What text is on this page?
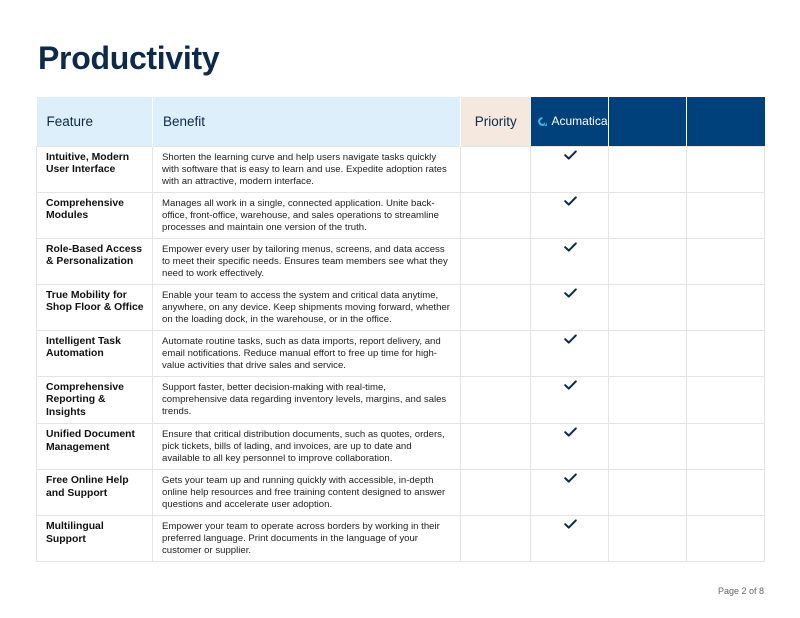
Productivity
Feature	Benefit	Priority	Acumatica		

Intuitive, Modern User Interface	Shorten the learning curve and help users navigate tasks quickly with software that is easy to learn and use. Expedite adoption rates with an attractive, modern interface.				
Comprehensive Modules	Manages all work in a single, connected application. Unite back-office, front-office, warehouse, and sales operations to streamline processes and maintain one version of the truth.				
Role-Based Access & Personalization	Empower every user by tailoring menus, screens, and data access to meet their specific needs. Ensures team members see what they need to work effectively.				
True Mobility for Shop Floor & Office	Enable your team to access the system and critical data anytime, anywhere, on any device. Keep shipments moving forward, whether on the loading dock, in the warehouse, or in the office.				
Intelligent Task Automation	Automate routine tasks, such as data imports, report delivery, and email notifications. Reduce manual effort to free up time for high-value activities that drive sales and service.				
Comprehensive Reporting & Insights	Support faster, better decision-making with real-time, comprehensive data regarding inventory levels, margins, and sales trends.				
Unified Document Management	Ensure that critical distribution documents, such as quotes, orders, pick tickets, bills of lading, and invoices, are up to date and available to all key personnel to improve collaboration.				
Free Online Help and Support	Gets your team up and running quickly with accessible, in-depth online help resources and free training content designed to answer questions and accelerate user adoption.				
Multilingual Support	Empower your team to operate across borders by working in their preferred language. Print documents in the language of your customer or supplier.				
Page 2 of 8
